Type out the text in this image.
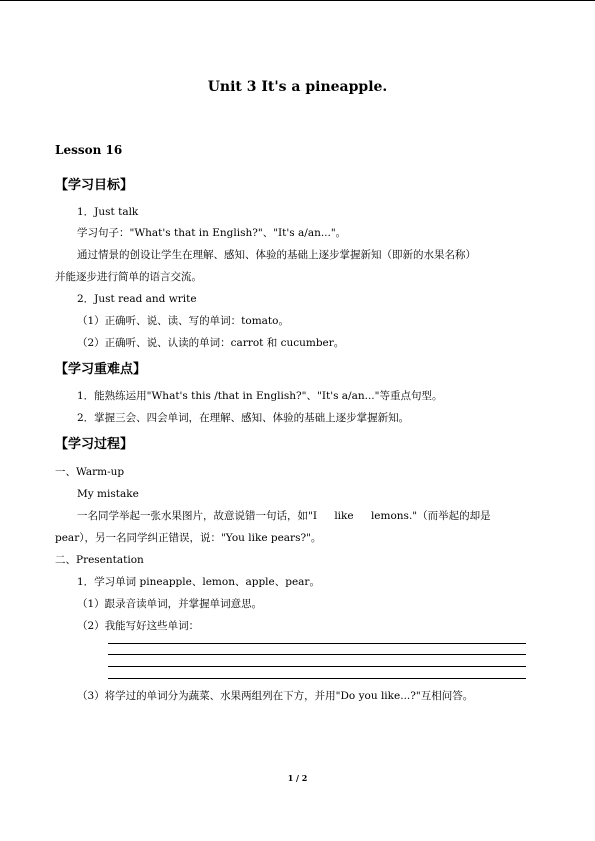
Unit 3 It's a pineapple.
Lesson 16
【学习目标】
1．Just talk
学习句子："What's that in English?"、"It's a/an..."。
通过情景的创设让学生在理解、感知、体验的基础上逐步掌握新知（即新的水果名称）
并能逐步进行简单的语言交流。
2．Just read and write
（1）正确听、说、读、写的单词：tomato。
（2）正确听、说、认读的单词：carrot 和 cucumber。
【学习重难点】
1．能熟练运用"What's this /that in English?"、"It's a/an..."等重点句型。
2．掌握三会、四会单词，在理解、感知、体验的基础上逐步掌握新知。
【学习过程】
一、Warm-up
My mistake
一名同学举起一张水果图片，故意说错一句话，如"I like lemons."（而举起的却是
pear），另一名同学纠正错误，说："You like pears?"。
二、Presentation
1．学习单词 pineapple、lemon、apple、pear。
（1）跟录音读单词，并掌握单词意思。
（2）我能写好这些单词：
（3）将学过的单词分为蔬菜、水果两组列在下方，并用"Do you like...?"互相问答。
1 / 2
